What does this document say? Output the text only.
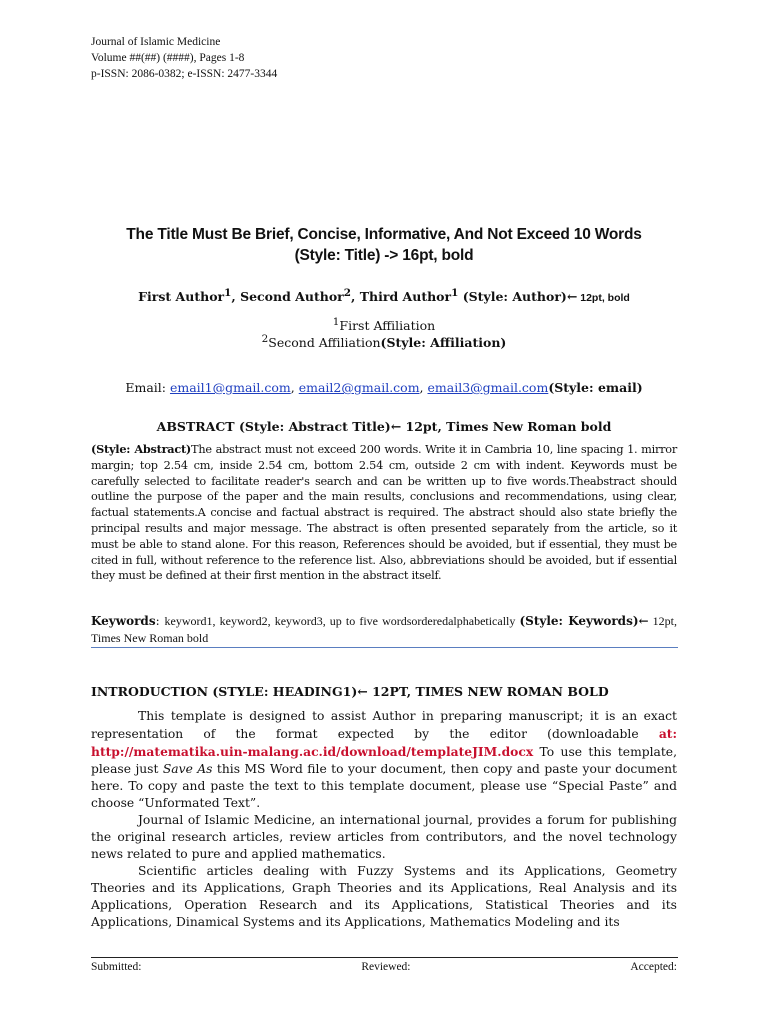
Journal of Islamic Medicine
Volume ##(##) (####), Pages 1-8
p-ISSN: 2086-0382; e-ISSN: 2477-3344
The Title Must Be Brief, Concise, Informative, And Not Exceed 10 Words
(Style: Title) -> 16pt, bold
First Author$^1$, Second Author$^2$, Third Author$^1$ (Style: Author)← 12pt, bold
$^1$First Affiliation
$^2$Second Affiliation(Style: Affiliation)
Email: email1@gmail.com, email2@gmail.com, email3@gmail.com(Style: email)
ABSTRACT (Style: Abstract Title)← 12pt, Times New Roman bold
(Style: Abstract)The abstract must not exceed 200 words. Write it in Cambria 10, line spacing 1. mirror margin; top 2.54 cm, inside 2.54 cm, bottom 2.54 cm, outside 2 cm with indent. Keywords must be carefully selected to facilitate reader's search and can be written up to five words.Theabstract should outline the purpose of the paper and the main results, conclusions and recommendations, using clear, factual statements.A concise and factual abstract is required. The abstract should also state briefly the principal results and major message. The abstract is often presented separately from the article, so it must be able to stand alone. For this reason, References should be avoided, but if essential, they must be cited in full, without reference to the reference list. Also, abbreviations should be avoided, but if essential they must be defined at their first mention in the abstract itself.
Keywords: keyword1, keyword2, keyword3, up to five wordsorderedalphabetically (Style: Keywords)← 12pt, Times New Roman bold
INTRODUCTION (STYLE: HEADING1)← 12PT, TIMES NEW ROMAN BOLD

This template is designed to assist Author in preparing manuscript; it is an exact representation of the format expected by the editor (downloadable at: http://matematika.uin-malang.ac.id/download/templateJIM.docx To use this template, please just Save As this MS Word file to your document, then copy and paste your document here. To copy and paste the text to this template document, please use “Special Paste” and choose “Unformated Text”.

Journal of Islamic Medicine, an international journal, provides a forum for publishing the original research articles, review articles from contributors, and the novel technology news related to pure and applied mathematics.

Scientific articles dealing with Fuzzy Systems and its Applications, Geometry Theories and its Applications, Graph Theories and its Applications, Real Analysis and its Applications, Operation Research and its Applications, Statistical Theories and its Applications, Dinamical Systems and its Applications, Mathematics Modeling and its

Submitted:	Reviewed:	Accepted:
